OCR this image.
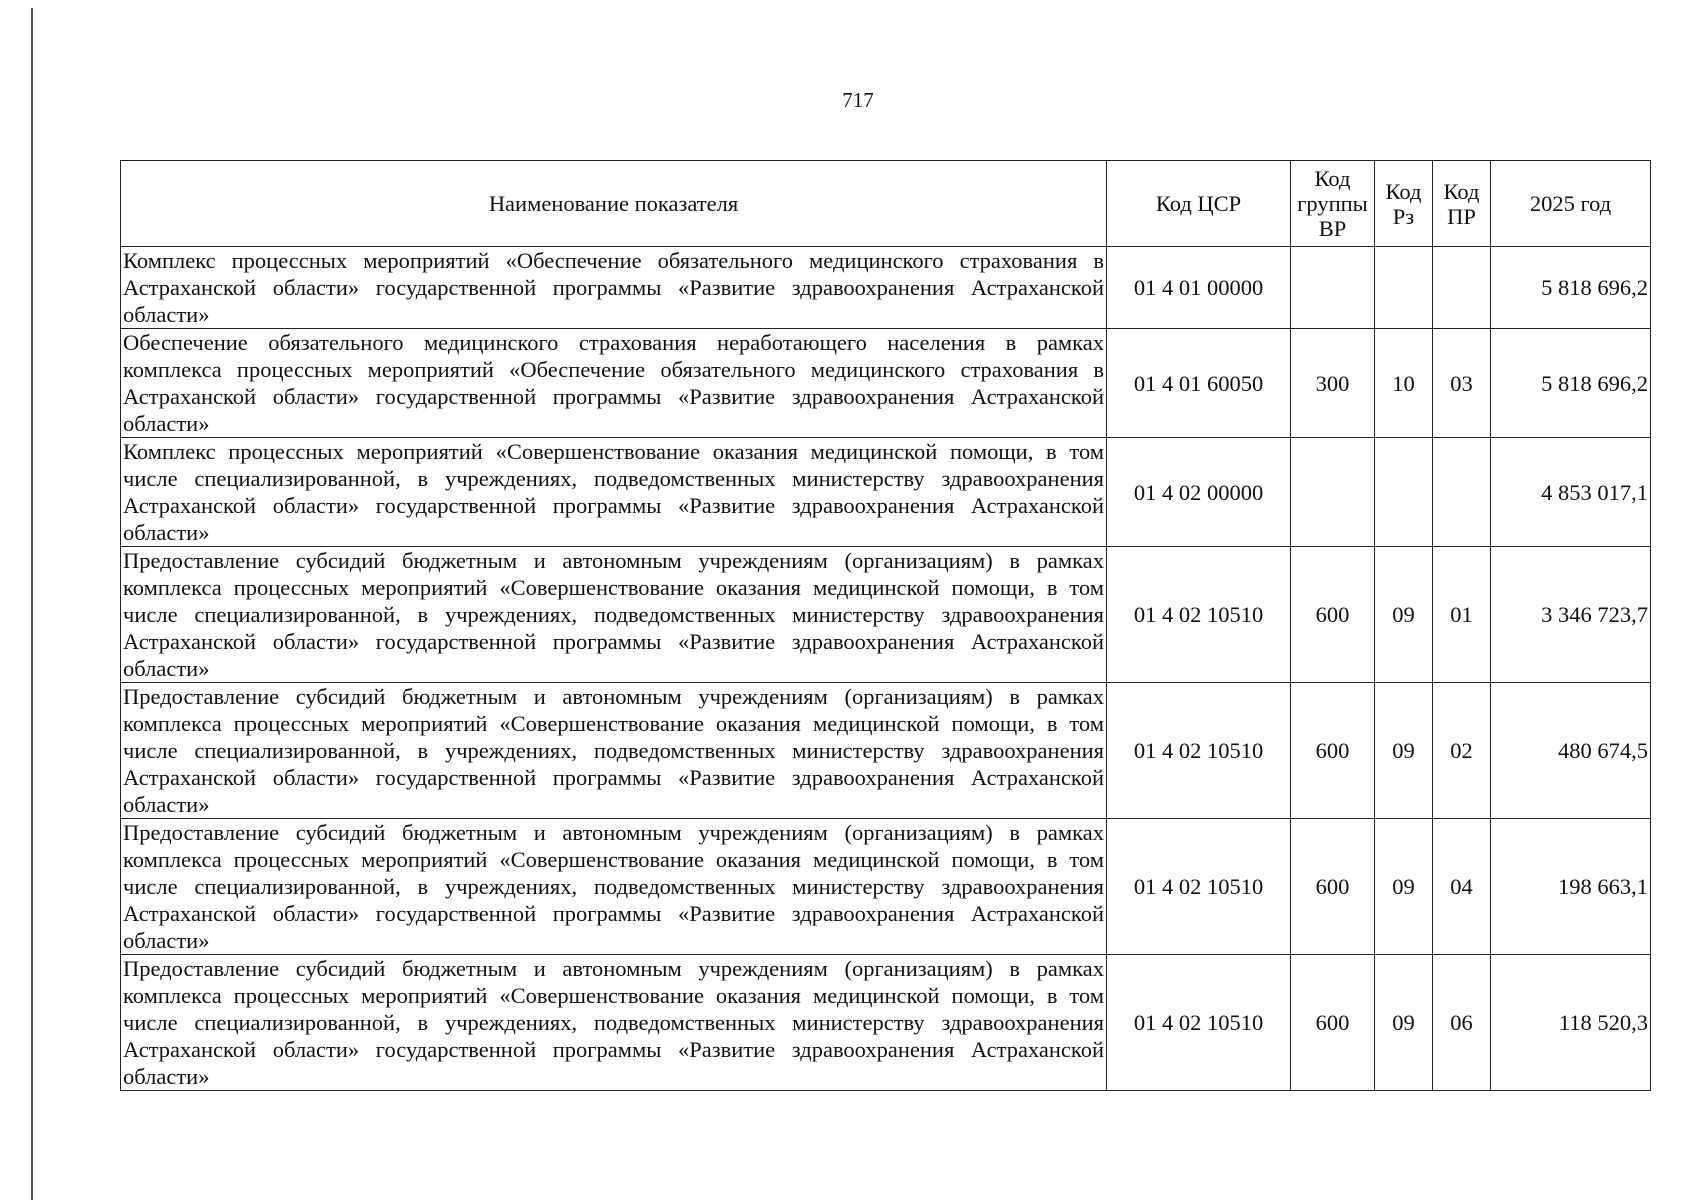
717
Наименование показателя	Код ЦСР	Код группы ВР	Код Рз	Код ПР	2025 год
Комплекс процессных мероприятий «Обеспечение обязательного медицинского страхования в Астраханской области» государственной программы «Развитие здравоохранения Астраханской области»	01 4 01 00000				5 818 696,2
Обеспечение обязательного медицинского страхования неработающего населения в рамках комплекса процессных мероприятий «Обеспечение обязательного медицинского страхования в Астраханской области» государственной программы «Развитие здравоохранения Астраханской области»	01 4 01 60050	300	10	03	5 818 696,2
Комплекс процессных мероприятий «Совершенствование оказания медицинской помощи, в том числе специализированной, в учреждениях, подведомственных министерству здравоохранения Астраханской области» государственной программы «Развитие здравоохранения Астраханской области»	01 4 02 00000				4 853 017,1
Предоставление субсидий бюджетным и автономным учреждениям (организациям) в рамках комплекса процессных мероприятий «Совершенствование оказания медицинской помощи, в том числе специализированной, в учреждениях, подведомственных министерству здравоохранения Астраханской области» государственной программы «Развитие здравоохранения Астраханской области»	01 4 02 10510	600	09	01	3 346 723,7
Предоставление субсидий бюджетным и автономным учреждениям (организациям) в рамках комплекса процессных мероприятий «Совершенствование оказания медицинской помощи, в том числе специализированной, в учреждениях, подведомственных министерству здравоохранения Астраханской области» государственной программы «Развитие здравоохранения Астраханской области»	01 4 02 10510	600	09	02	480 674,5
Предоставление субсидий бюджетным и автономным учреждениям (организациям) в рамках комплекса процессных мероприятий «Совершенствование оказания медицинской помощи, в том числе специализированной, в учреждениях, подведомственных министерству здравоохранения Астраханской области» государственной программы «Развитие здравоохранения Астраханской области»	01 4 02 10510	600	09	04	198 663,1
Предоставление субсидий бюджетным и автономным учреждениям (организациям) в рамках комплекса процессных мероприятий «Совершенствование оказания медицинской помощи, в том числе специализированной, в учреждениях, подведомственных министерству здравоохранения Астраханской области» государственной программы «Развитие здравоохранения Астраханской области»	01 4 02 10510	600	09	06	118 520,3
